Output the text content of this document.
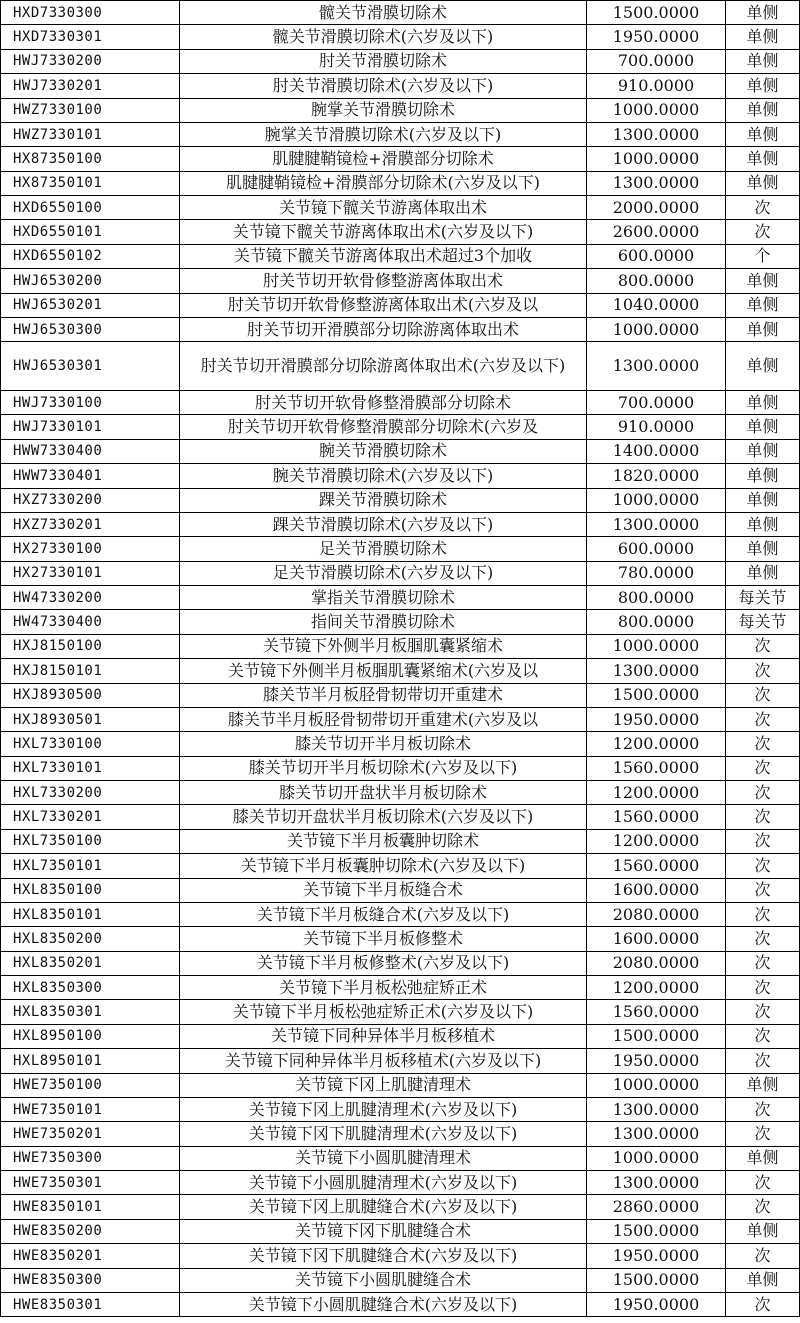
HXD7330300	髋关节滑膜切除术	1500.0000	单侧
HXD7330301	髋关节滑膜切除术(六岁及以下)	1950.0000	单侧
HWJ7330200	肘关节滑膜切除术	700.0000	单侧
HWJ7330201	肘关节滑膜切除术(六岁及以下)	910.0000	单侧
HWZ7330100	腕掌关节滑膜切除术	1000.0000	单侧
HWZ7330101	腕掌关节滑膜切除术(六岁及以下)	1300.0000	单侧
HX87350100	肌腱腱鞘镜检+滑膜部分切除术	1000.0000	单侧
HX87350101	肌腱腱鞘镜检+滑膜部分切除术(六岁及以下)	1300.0000	单侧
HXD6550100	关节镜下髋关节游离体取出术	2000.0000	次
HXD6550101	关节镜下髋关节游离体取出术(六岁及以下)	2600.0000	次
HXD6550102	关节镜下髋关节游离体取出术超过3个加收	600.0000	个
HWJ6530200	肘关节切开软骨修整游离体取出术	800.0000	单侧
HWJ6530201	肘关节切开软骨修整游离体取出术(六岁及以	1040.0000	单侧
HWJ6530300	肘关节切开滑膜部分切除游离体取出术	1000.0000	单侧
HWJ6530301	肘关节切开滑膜部分切除游离体取出术(六岁及以下)	1300.0000	单侧
HWJ7330100	肘关节切开软骨修整滑膜部分切除术	700.0000	单侧
HWJ7330101	肘关节切开软骨修整滑膜部分切除术(六岁及	910.0000	单侧
HWW7330400	腕关节滑膜切除术	1400.0000	单侧
HWW7330401	腕关节滑膜切除术(六岁及以下)	1820.0000	单侧
HXZ7330200	踝关节滑膜切除术	1000.0000	单侧
HXZ7330201	踝关节滑膜切除术(六岁及以下)	1300.0000	单侧
HX27330100	足关节滑膜切除术	600.0000	单侧
HX27330101	足关节滑膜切除术(六岁及以下)	780.0000	单侧
HW47330200	掌指关节滑膜切除术	800.0000	每关节
HW47330400	指间关节滑膜切除术	800.0000	每关节
HXJ8150100	关节镜下外侧半月板腘肌囊紧缩术	1000.0000	次
HXJ8150101	关节镜下外侧半月板腘肌囊紧缩术(六岁及以	1300.0000	次
HXJ8930500	膝关节半月板胫骨韧带切开重建术	1500.0000	次
HXJ8930501	膝关节半月板胫骨韧带切开重建术(六岁及以	1950.0000	次
HXL7330100	膝关节切开半月板切除术	1200.0000	次
HXL7330101	膝关节切开半月板切除术(六岁及以下)	1560.0000	次
HXL7330200	膝关节切开盘状半月板切除术	1200.0000	次
HXL7330201	膝关节切开盘状半月板切除术(六岁及以下)	1560.0000	次
HXL7350100	关节镜下半月板囊肿切除术	1200.0000	次
HXL7350101	关节镜下半月板囊肿切除术(六岁及以下)	1560.0000	次
HXL8350100	关节镜下半月板缝合术	1600.0000	次
HXL8350101	关节镜下半月板缝合术(六岁及以下)	2080.0000	次
HXL8350200	关节镜下半月板修整术	1600.0000	次
HXL8350201	关节镜下半月板修整术(六岁及以下)	2080.0000	次
HXL8350300	关节镜下半月板松弛症矫正术	1200.0000	次
HXL8350301	关节镜下半月板松弛症矫正术(六岁及以下)	1560.0000	次
HXL8950100	关节镜下同种异体半月板移植术	1500.0000	次
HXL8950101	关节镜下同种异体半月板移植术(六岁及以下)	1950.0000	次
HWE7350100	关节镜下冈上肌腱清理术	1000.0000	单侧
HWE7350101	关节镜下冈上肌腱清理术(六岁及以下)	1300.0000	次
HWE7350201	关节镜下冈下肌腱清理术(六岁及以下)	1300.0000	次
HWE7350300	关节镜下小圆肌腱清理术	1000.0000	单侧
HWE7350301	关节镜下小圆肌腱清理术(六岁及以下)	1300.0000	次
HWE8350101	关节镜下冈上肌腱缝合术(六岁及以下)	2860.0000	次
HWE8350200	关节镜下冈下肌腱缝合术	1500.0000	单侧
HWE8350201	关节镜下冈下肌腱缝合术(六岁及以下)	1950.0000	次
HWE8350300	关节镜下小圆肌腱缝合术	1500.0000	单侧
HWE8350301	关节镜下小圆肌腱缝合术(六岁及以下)	1950.0000	次
